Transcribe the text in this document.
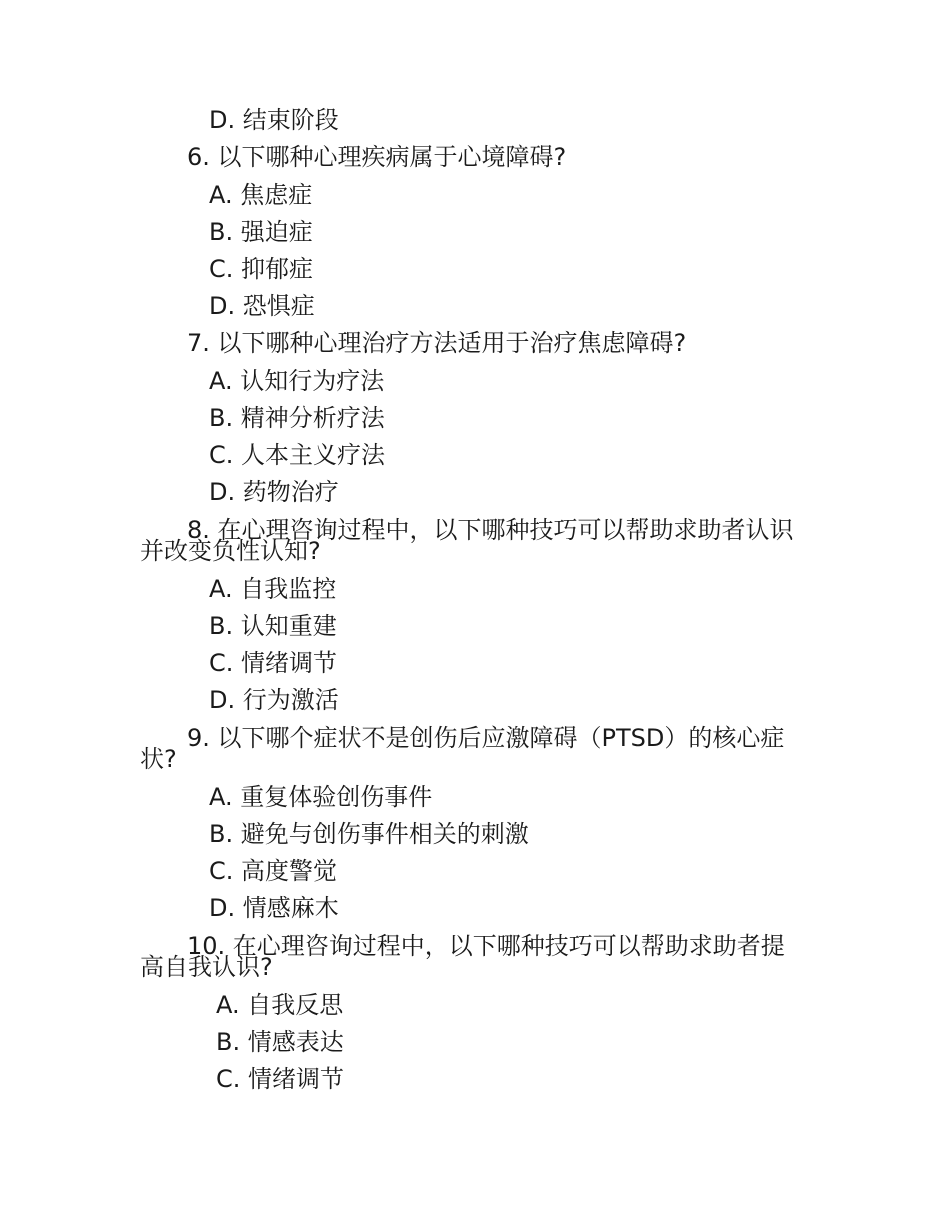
D. 结束阶段
6. 以下哪种心理疾病属于心境障碍?
A. 焦虑症
B. 强迫症
C. 抑郁症
D. 恐惧症
7. 以下哪种心理治疗方法适用于治疗焦虑障碍?
A. 认知行为疗法
B. 精神分析疗法
C. 人本主义疗法
D. 药物治疗
8. 在心理咨询过程中，以下哪种技巧可以帮助求助者认识
并改变负性认知?
A. 自我监控
B. 认知重建
C. 情绪调节
D. 行为激活
9. 以下哪个症状不是创伤后应激障碍（PTSD）的核心症
状?
A. 重复体验创伤事件
B. 避免与创伤事件相关的刺激
C. 高度警觉
D. 情感麻木
10. 在心理咨询过程中，以下哪种技巧可以帮助求助者提
高自我认识?
A. 自我反思
B. 情感表达
C. 情绪调节
